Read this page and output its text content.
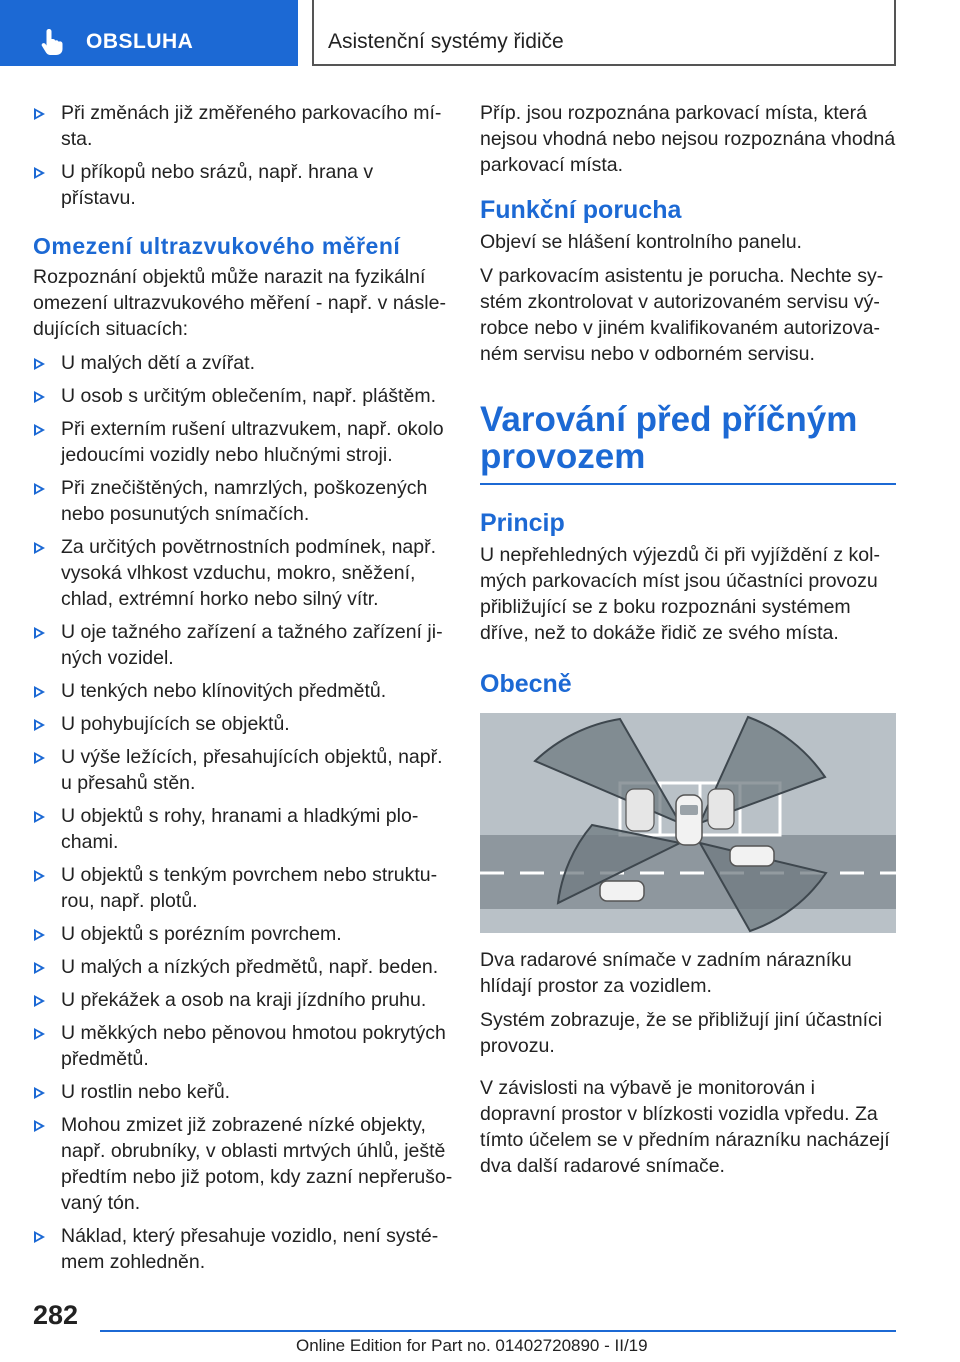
OBSLUHA	Asistenční systémy řidiče
Při změnách již změřeného parkovacího místa.
U příkopů nebo srázů, např. hrana v přístavu.
Omezení ultrazvukového měření
Rozpoznání objektů může narazit na fyzikální omezení ultrazvukového měření - např. v následujících situacích:
U malých dětí a zvířat.
U osob s určitým oblečením, např. pláštěm.
Při externím rušení ultrazvukem, např. okolo jedoucími vozidly nebo hlučnými stroji.
Při znečištěných, namrzlých, poškozených nebo posunutých snímačích.
Za určitých povětrnostních podmínek, např. vysoká vlhkost vzduchu, mokro, sněžení, chlad, extrémní horko nebo silný vítr.
U oje tažného zařízení a tažného zařízení jiných vozidel.
U tenkých nebo klínovitých předmětů.
U pohybujících se objektů.
U výše ležících, přesahujících objektů, např. u přesahů stěn.
U objektů s rohy, hranami a hladkými plochami.
U objektů s tenkým povrchem nebo strukturou, např. plotů.
U objektů s porézním povrchem.
U malých a nízkých předmětů, např. beden.
U překážek a osob na kraji jízdního pruhu.
U měkkých nebo pěnovou hmotou pokrytých předmětů.
U rostlin nebo keřů.
Mohou zmizet již zobrazené nízké objekty, např. obrubníky, v oblasti mrtvých úhlů, ještě předtím nebo již potom, kdy zazní nepřerušovaný tón.
Náklad, který přesahuje vozidlo, není systémem zohledněn.
Příp. jsou rozpoznána parkovací místa, která nejsou vhodná nebo nejsou rozpoznána vhodná parkovací místa.
Funkční porucha
Objeví se hlášení kontrolního panelu.
V parkovacím asistentu je porucha. Nechte systém zkontrolovat v autorizovaném servisu výrobce nebo v jiném kvalifikovaném autorizovaném servisu nebo v odborném servisu.
Varování před příčným provozem
Princip
U nepřehledných výjezdů či při vyjíždění z kolmých parkovacích míst jsou účastníci provozu přibližující se z boku rozpoznáni systémem dříve, než to dokáže řidič ze svého místa.
Obecně
Dva radarové snímače v zadním nárazníku hlídají prostor za vozidlem.
Systém zobrazuje, že se přibližují jiní účastníci provozu.
V závislosti na výbavě je monitorován i dopravní prostor v blízkosti vozidla vpředu. Za tímto účelem se v předním nárazníku nacházejí dva další radarové snímače.
282
Online Edition for Part no. 01402720890 - II/19
